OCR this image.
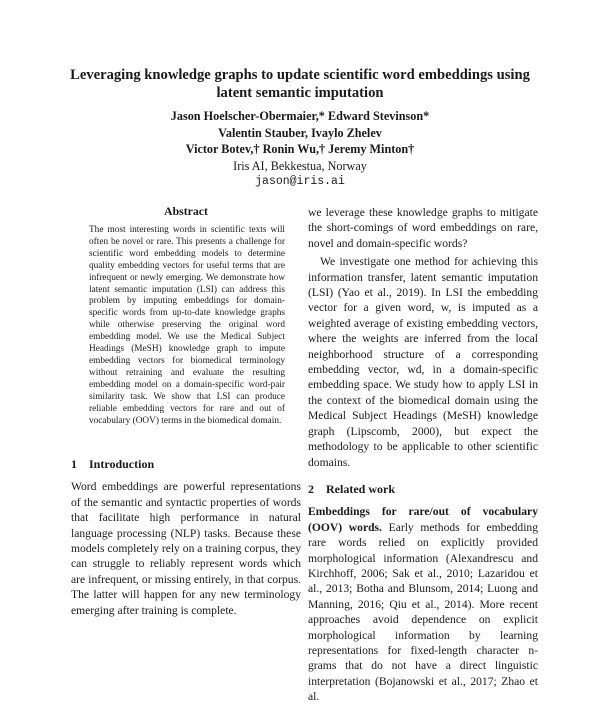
Leveraging knowledge graphs to update scientific word embeddings using latent semantic imputation
Jason Hoelscher-Obermaier,* Edward Stevinson*
Valentin Stauber, Ivaylo Zhelev
Victor Botev,† Ronin Wu,† Jeremy Minton†
Iris AI, Bekkestua, Norway
jason@iris.ai
Abstract

The most interesting words in scientific texts will often be novel or rare. This presents a challenge for scientific word embedding models to determine quality embedding vectors for useful terms that are infrequent or newly emerging. We demonstrate how latent semantic imputation (LSI) can address this problem by imputing embeddings for domain-specific words from up-to-date knowledge graphs while otherwise preserving the original word embedding model. We use the Medical Subject Headings (MeSH) knowledge graph to impute embedding vectors for biomedical terminology without retraining and evaluate the resulting embedding model on a domain-specific word-pair similarity task. We show that LSI can produce reliable embedding vectors for rare and out of vocabulary (OOV) terms in the biomedical domain.

1 Introduction

Word embeddings are powerful representations of the semantic and syntactic properties of words that facilitate high performance in natural language processing (NLP) tasks. Because these models completely rely on a training corpus, they can struggle to reliably represent words which are infrequent, or missing entirely, in that corpus. The latter will happen for any new terminology emerging after training is complete.

we leverage these knowledge graphs to mitigate the short-comings of word embeddings on rare, novel and domain-specific words?

We investigate one method for achieving this information transfer, latent semantic imputation (LSI) (Yao et al., 2019). In LSI the embedding vector for a given word, w, is imputed as a weighted average of existing embedding vectors, where the weights are inferred from the local neighborhood structure of a corresponding embedding vector, wd, in a domain-specific embedding space. We study how to apply LSI in the context of the biomedical domain using the Medical Subject Headings (MeSH) knowledge graph (Lipscomb, 2000), but expect the methodology to be applicable to other scientific domains.

2 Related work

Embeddings for rare/out of vocabulary (OOV) words. Early methods for embedding rare words relied on explicitly provided morphological information (Alexandrescu and Kirchhoff, 2006; Sak et al., 2010; Lazaridou et al., 2013; Botha and Blunsom, 2014; Luong and Manning, 2016; Qiu et al., 2014). More recent approaches avoid dependence on explicit morphological information by learning representations for fixed-length character n-grams that do not have a direct linguistic interpretation (Bojanowski et al., 2017; Zhao et al.
